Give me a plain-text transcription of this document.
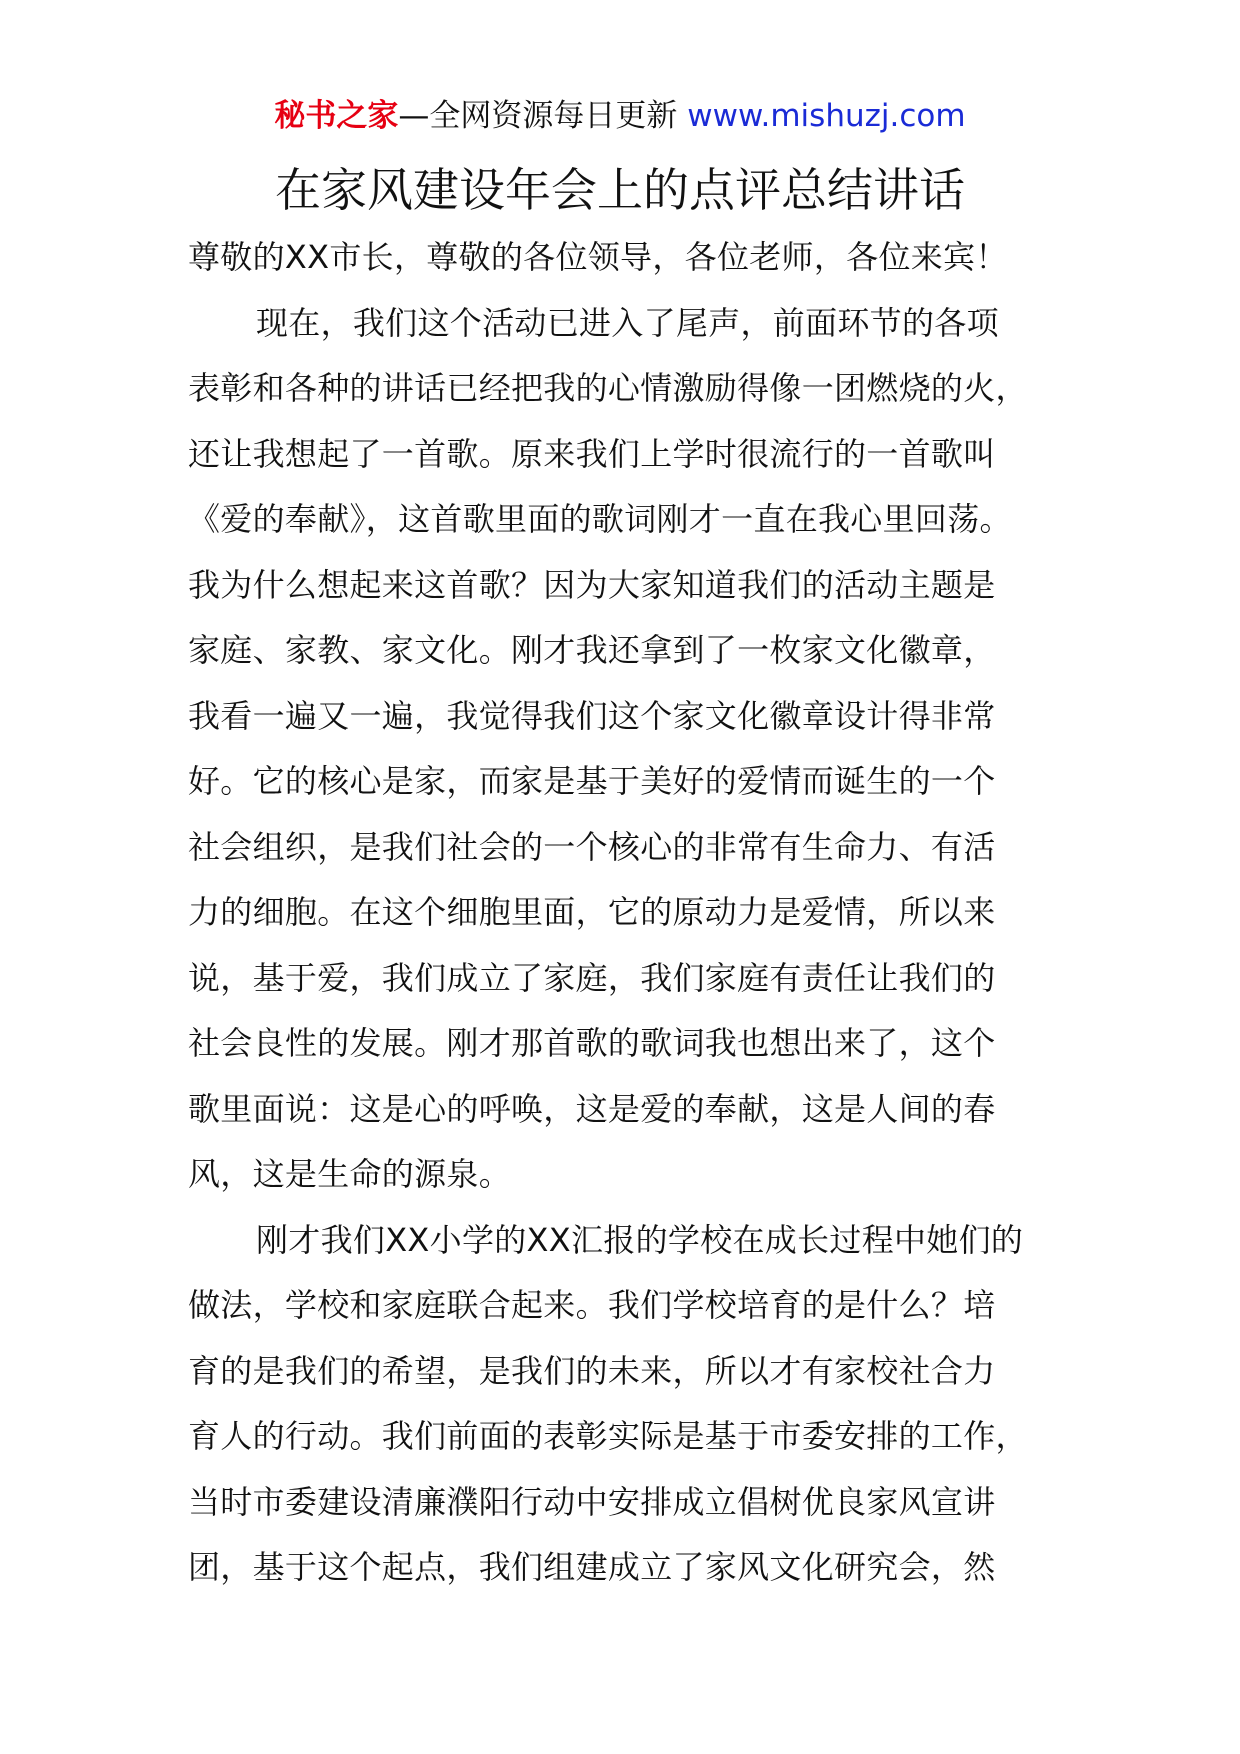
秘书之家—全网资源每日更新 www.mishuzj.com
在家风建设年会上的点评总结讲话

尊敬的XX市长，尊敬的各位领导，各位老师，各位来宾！

现在，我们这个活动已进入了尾声，前面环节的各项

表彰和各种的讲话已经把我的心情激励得像一团燃烧的火，

还让我想起了一首歌。原来我们上学时很流行的一首歌叫

《爱的奉献》，这首歌里面的歌词刚才一直在我心里回荡。

我为什么想起来这首歌？因为大家知道我们的活动主题是

家庭、家教、家文化。刚才我还拿到了一枚家文化徽章，

我看一遍又一遍，我觉得我们这个家文化徽章设计得非常

好。它的核心是家，而家是基于美好的爱情而诞生的一个

社会组织，是我们社会的一个核心的非常有生命力、有活

力的细胞。在这个细胞里面，它的原动力是爱情，所以来

说，基于爱，我们成立了家庭，我们家庭有责任让我们的

社会良性的发展。刚才那首歌的歌词我也想出来了，这个

歌里面说：这是心的呼唤，这是爱的奉献，这是人间的春

风，这是生命的源泉。

刚才我们XX小学的XX汇报的学校在成长过程中她们的

做法，学校和家庭联合起来。我们学校培育的是什么？培

育的是我们的希望，是我们的未来，所以才有家校社合力

育人的行动。我们前面的表彰实际是基于市委安排的工作，

当时市委建设清廉濮阳行动中安排成立倡树优良家风宣讲

团，基于这个起点，我们组建成立了家风文化研究会，然
